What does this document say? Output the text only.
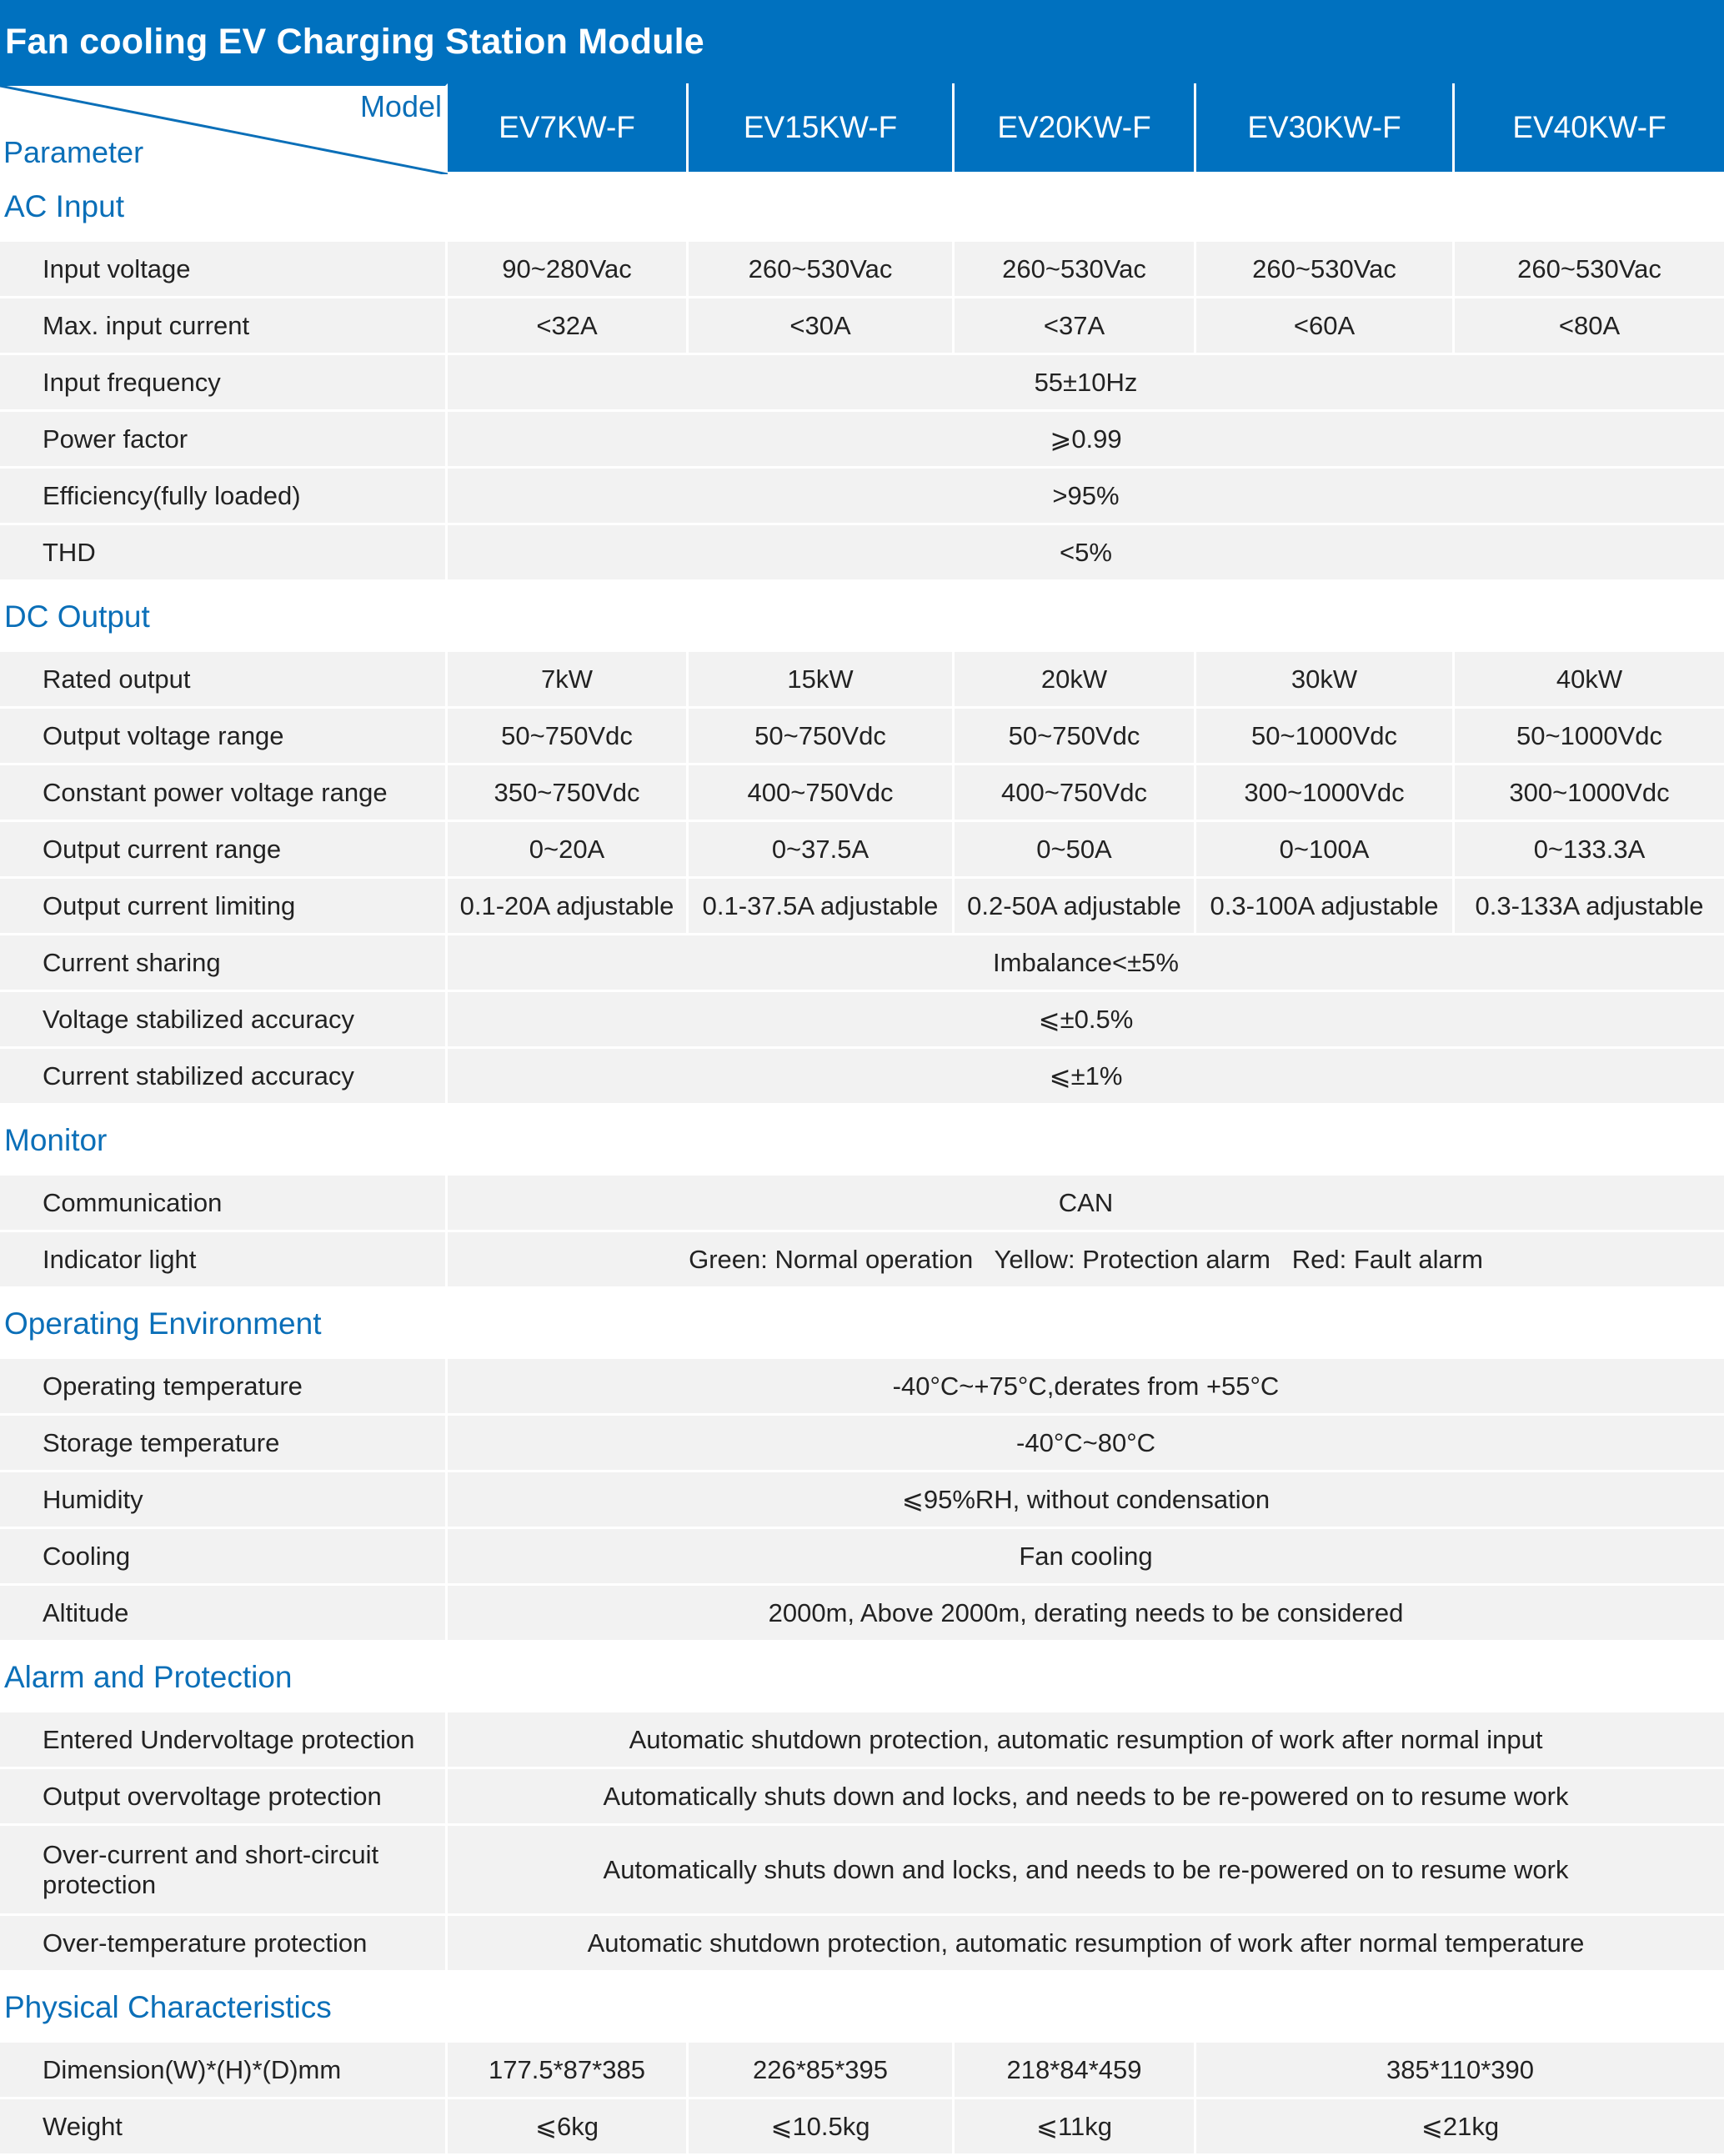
Fan cooling EV Charging Station Module
Model
Parameter	EV7KW-F	EV15KW-F	EV20KW-F	EV30KW-F	EV40KW-F
AC Input					
Input voltage	90~280Vac	260~530Vac	260~530Vac	260~530Vac	260~530Vac
Max. input current	<32A	<30A	<37A	<60A	<80A
Input frequency	55±10Hz				
Power factor	⩾0.99				
Efficiency(fully loaded)	>95%				
THD	<5%				
DC Output					
Rated output	7kW	15kW	20kW	30kW	40kW
Output voltage range	50~750Vdc	50~750Vdc	50~750Vdc	50~1000Vdc	50~1000Vdc
Constant power voltage range	350~750Vdc	400~750Vdc	400~750Vdc	300~1000Vdc	300~1000Vdc
Output current range	0~20A	0~37.5A	0~50A	0~100A	0~133.3A
Output current limiting	0.1-20A adjustable	0.1-37.5A adjustable	0.2-50A adjustable	0.3-100A adjustable	0.3-133A adjustable
Current sharing	Imbalance<±5%				
Voltage stabilized accuracy	⩽±0.5%				
Current stabilized accuracy	⩽±1%				
Monitor					
Communication	CAN				
Indicator light	Green: Normal operation   Yellow: Protection alarm   Red: Fault alarm				
Operating Environment					
Operating temperature	-40°C~+75°C,derates from +55°C				
Storage temperature	-40°C~80°C				
Humidity	⩽95%RH, without condensation				
Cooling	Fan cooling				
Altitude	2000m, Above 2000m, derating needs to be considered				
Alarm and Protection					
Entered Undervoltage protection	Automatic shutdown protection, automatic resumption of work after normal input				
Output overvoltage protection	Automatically shuts down and locks, and needs to be re-powered on to resume work				
Over-current and short-circuit protection	Automatically shuts down and locks, and needs to be re-powered on to resume work				
Over-temperature protection	Automatic shutdown protection, automatic resumption of work after normal temperature				
Physical Characteristics					
Dimension(W)*(H)*(D)mm	177.5*87*385	226*85*395	218*84*459	385*110*390	
Weight	⩽6kg	⩽10.5kg	⩽11kg	⩽21kg	
